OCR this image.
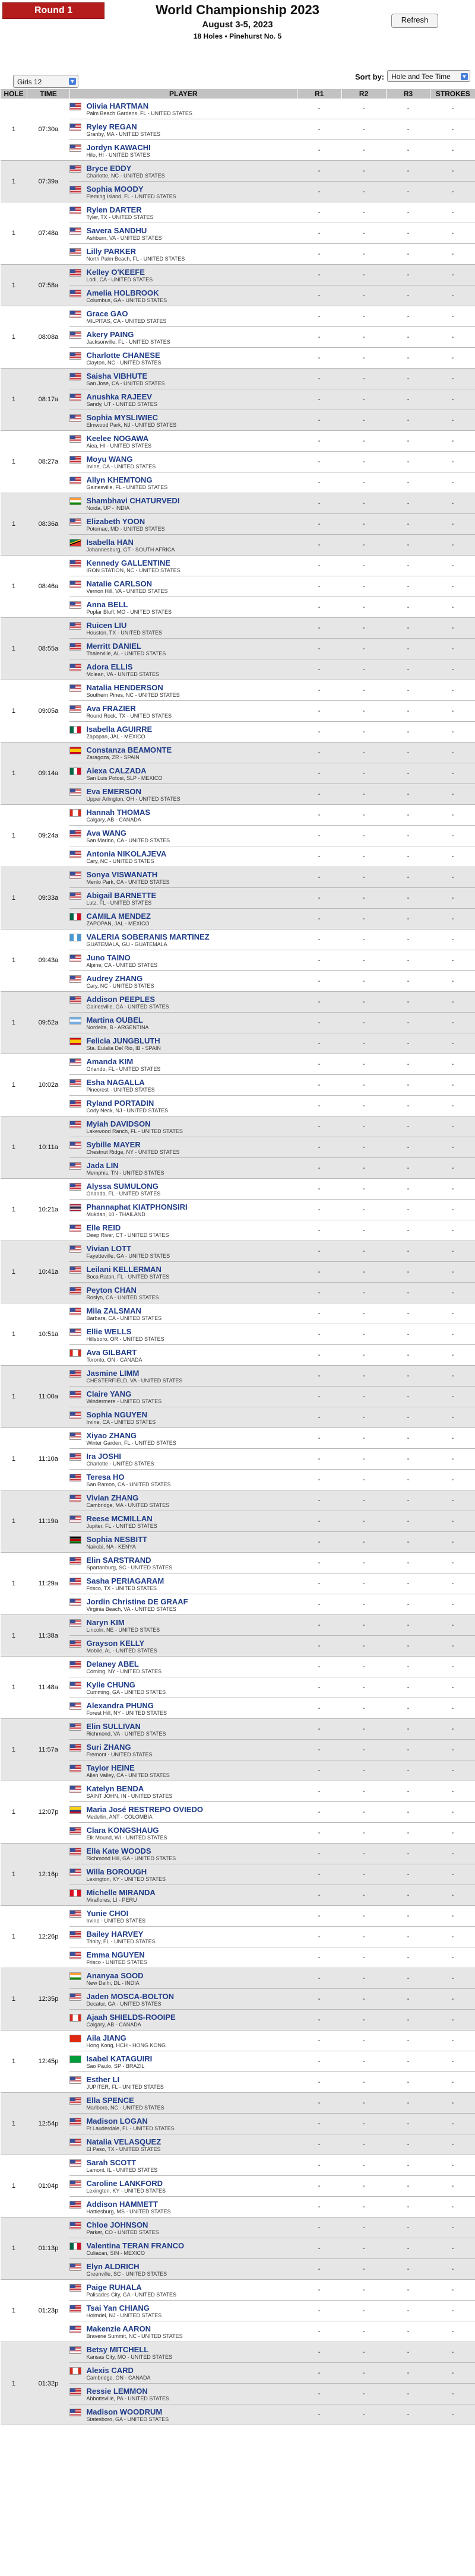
Round 1	World Championship 2023
August 3-5, 2023
18 Holes • Pinehurst No. 5
Refresh
Sort by: Hole and Tee Time ▼
Girls 12	▼
HOLE	TIME	PLAYER	R1	R2	R3	STROKES
1	07:30a	Olivia HARTMAN
Palm Beach Gardens, FL - UNITED STATES	-	-	-	-

		Ryley REGAN
Granby, MA - UNITED STATES	-	-	-	-

		Jordyn KAWACHI
Hilo, HI - UNITED STATES	-	-	-	-
1	07:39a	Bryce EDDY
Charlotte, NC - UNITED STATES	-	-	-	-

		Sophia MOODY
Fleming Island, FL - UNITED STATES	-	-	-	-
1	07:48a	Rylen DARTER
Tyler, TX - UNITED STATES	-	-	-	-

		Savera SANDHU
Ashburn, VA - UNITED STATES	-	-	-	-

		Lilly PARKER
North Palm Beach, FL - UNITED STATES	-	-	-	-
1	07:58a	Kelley O'KEEFE
Lodi, CA - UNITED STATES	-	-	-	-

		Amelia HOLBROOK
Columbus, GA - UNITED STATES	-	-	-	-
1	08:08a	Grace GAO
MILPITAS, CA - UNITED STATES	-	-	-	-

		Akery PAING
Jacksonville, FL - UNITED STATES	-	-	-	-

		Charlotte CHANESE
Clayton, NC - UNITED STATES	-	-	-	-
1	08:17a	Saisha VIBHUTE
San Jose, CA - UNITED STATES	-	-	-	-

		Anushka RAJEEV
Sandy, UT - UNITED STATES	-	-	-	-

		Sophia MYSLIWIEC
Elmwood Park, NJ - UNITED STATES	-	-	-	-
1	08:27a	Keelee NOGAWA
Aiea, HI - UNITED STATES	-	-	-	-

		Moyu WANG
Irvine, CA - UNITED STATES	-	-	-	-

		Allyn KHEMTONG
Gainesville, FL - UNITED STATES	-	-	-	-
1	08:36a	Shambhavi CHATURVEDI
Noida, UP - INDIA	-	-	-	-

		Elizabeth YOON
Potomac, MD - UNITED STATES	-	-	-	-

		Isabella HAN
Johannesburg, GT - SOUTH AFRICA	-	-	-	-
1	08:46a	Kennedy GALLENTINE
IRON STATION, NC - UNITED STATES	-	-	-	-

		Natalie CARLSON
Vernon Hill, VA - UNITED STATES	-	-	-	-

		Anna BELL
Poplar Bluff, MO - UNITED STATES	-	-	-	-
1	08:55a	Ruicen LIU
Houston, TX - UNITED STATES	-	-	-	-

		Merritt DANIEL
Thalerville, AL - UNITED STATES	-	-	-	-

		Adora ELLIS
Mclean, VA - UNITED STATES	-	-	-	-
1	09:05a	Natalia HENDERSON
Southern Pines, NC - UNITED STATES	-	-	-	-

		Ava FRAZIER
Round Rock, TX - UNITED STATES	-	-	-	-

		Isabella AGUIRRE
Zapopan, JAL - MEXICO	-	-	-	-
1	09:14a	Constanza BEAMONTE
Zaragoza, ZR - SPAIN	-	-	-	-

		Alexa CALZADA
San Luis Potosi, SLP - MEXICO	-	-	-	-

		Eva EMERSON
Upper Arlington, OH - UNITED STATES	-	-	-	-
1	09:24a	Hannah THOMAS
Calgary, AB - CANADA	-	-	-	-

		Ava WANG
San Marino, CA - UNITED STATES	-	-	-	-

		Antonia NIKOLAJEVA
Cary, NC - UNITED STATES	-	-	-	-
1	09:33a	Sonya VISWANATH
Menlo Park, CA - UNITED STATES	-	-	-	-

		Abigail BARNETTE
Lutz, FL - UNITED STATES	-	-	-	-

		CAMILA MENDEZ
ZAPOPAN, JAL - MEXICO	-	-	-	-
1	09:43a	VALERIA SOBERANIS MARTINEZ
GUATEMALA, GU - GUATEMALA	-	-	-	-

		Juno TAINO
Alpine, CA - UNITED STATES	-	-	-	-

		Audrey ZHANG
Cary, NC - UNITED STATES	-	-	-	-
1	09:52a	Addison PEEPLES
Gainesville, GA - UNITED STATES	-	-	-	-

		Martina OUBEL
Nordelta, B - ARGENTINA	-	-	-	-

		Felicia JUNGBLUTH
Sta. Eulalia Del Rio, IB - SPAIN	-	-	-	-
1	10:02a	Amanda KIM
Orlando, FL - UNITED STATES	-	-	-	-

		Esha NAGALLA
Pinecrest - UNITED STATES	-	-	-	-

		Ryland PORTADIN
Cody Neck, NJ - UNITED STATES	-	-	-	-
1	10:11a	Myiah DAVIDSON
Lakewood Ranch, FL - UNITED STATES	-	-	-	-

		Sybille MAYER
Chestnut Ridge, NY - UNITED STATES	-	-	-	-

		Jada LIN
Memphis, TN - UNITED STATES	-	-	-	-
1	10:21a	Alyssa SUMULONG
Orlando, FL - UNITED STATES	-	-	-	-

		Phannaphat KIATPHONSIRI
Mukdan, 10 - THAILAND	-	-	-	-

		Elle REID
Deep River, CT - UNITED STATES	-	-	-	-
1	10:41a	Vivian LOTT
Fayetteville, GA - UNITED STATES	-	-	-	-

		Leilani KELLERMAN
Boca Raton, FL - UNITED STATES	-	-	-	-

		Peyton CHAN
Roslyn, CA - UNITED STATES	-	-	-	-
1	10:51a	Mila ZALSMAN
Barbara, CA - UNITED STATES	-	-	-	-

		Ellie WELLS
Hillsboro, OR - UNITED STATES	-	-	-	-

		Ava GILBART
Toronto, ON - CANADA	-	-	-	-
1	11:00a	Jasmine LIMM
CHESTERFIELD, VA - UNITED STATES	-	-	-	-

		Claire YANG
Windermere - UNITED STATES	-	-	-	-

		Sophia NGUYEN
Irvine, CA - UNITED STATES	-	-	-	-
1	11:10a	Xiyao ZHANG
Winter Garden, FL - UNITED STATES	-	-	-	-

		Ira JOSHI
Charlotte - UNITED STATES	-	-	-	-

		Teresa HO
San Ramon, CA - UNITED STATES	-	-	-	-
1	11:19a	Vivian ZHANG
Cambridge, MA - UNITED STATES	-	-	-	-

		Reese MCMILLAN
Jupiter, FL - UNITED STATES	-	-	-	-

		Sophia NESBITT
Nairobi, NA - KENYA	-	-	-	-
1	11:29a	Elin SARSTRAND
Spartanburg, SC - UNITED STATES	-	-	-	-

		Sasha PERIAGARAM
Frisco, TX - UNITED STATES	-	-	-	-

		Jordin Christine DE GRAAF
Virginia Beach, VA - UNITED STATES	-	-	-	-
1	11:38a	Naryn KIM
Lincoln, NE - UNITED STATES	-	-	-	-

		Grayson KELLY
Mobile, AL - UNITED STATES	-	-	-	-
1	11:48a	Delaney ABEL
Corning, NY - UNITED STATES	-	-	-	-

		Kylie CHUNG
Cumming, GA - UNITED STATES	-	-	-	-

		Alexandra PHUNG
Forest Hill, NY - UNITED STATES	-	-	-	-
1	11:57a	Elin SULLIVAN
Richmond, VA - UNITED STATES	-	-	-	-

		Suri ZHANG
Fremont - UNITED STATES	-	-	-	-

		Taylor HEINE
Allen Valley, CA - UNITED STATES	-	-	-	-
1	12:07p	Katelyn BENDA
SAINT JOHN, IN - UNITED STATES	-	-	-	-

		Maria José RESTREPO OVIEDO
Medellin, ANT - COLOMBIA	-	-	-	-

		Clara KONGSHAUG
Elk Mound, WI - UNITED STATES	-	-	-	-
1	12:16p	Ella Kate WOODS
Richmond Hill, GA - UNITED STATES	-	-	-	-

		Willa BOROUGH
Lexington, KY - UNITED STATES	-	-	-	-

		Michelle MIRANDA
Miraflores, LI - PERU	-	-	-	-
1	12:26p	Yunie CHOI
Irvine - UNITED STATES	-	-	-	-

		Bailey HARVEY
Trinity, FL - UNITED STATES	-	-	-	-

		Emma NGUYEN
Frisco - UNITED STATES	-	-	-	-
1	12:35p	Ananyaa SOOD
New Delhi, DL - INDIA	-	-	-	-

		Jaden MOSCA-BOLTON
Decatur, GA - UNITED STATES	-	-	-	-

		Ajaah SHIELDS-ROOIPE
Calgary, AB - CANADA	-	-	-	-
1	12:45p	Aila JIANG
Hong Kong, HCH - HONG KONG	-	-	-	-

		Isabel KATAGUIRI
Sao Paulo, SP - BRAZIL	-	-	-	-

		Esther LI
JUPITER, FL - UNITED STATES	-	-	-	-
1	12:54p	Ella SPENCE
Marlboro, NC - UNITED STATES	-	-	-	-

		Madison LOGAN
Ft Lauderdale, FL - UNITED STATES	-	-	-	-

		Natalia VELASQUEZ
El Paso, TX - UNITED STATES	-	-	-	-
1	01:04p	Sarah SCOTT
Lamont, IL - UNITED STATES	-	-	-	-

		Caroline LANKFORD
Lexington, KY - UNITED STATES	-	-	-	-

		Addison HAMMETT
Hattiesburg, MS - UNITED STATES	-	-	-	-
1	01:13p	Chloe JOHNSON
Parker, CO - UNITED STATES	-	-	-	-

		Valentina TERAN FRANCO
Culiacan, SIN - MEXICO	-	-	-	-

		Elyn ALDRICH
Greenville, SC - UNITED STATES	-	-	-	-
1	01:23p	Paige RUHALA
Palisades City, GA - UNITED STATES	-	-	-	-

		Tsai Yan CHIANG
Holmdel, NJ - UNITED STATES	-	-	-	-

		Makenzie AARON
Braverie Summit, NC - UNITED STATES	-	-	-	-
1	01:32p	Betsy MITCHELL
Kansas City, MO - UNITED STATES	-	-	-	-

		Alexis CARD
Cambridge, ON - CANADA	-	-	-	-

		Ressie LEMMON
Abbottsville, PA - UNITED STATES	-	-	-	-

		Madison WOODRUM
Statesboro, GA - UNITED STATES	-	-	-	-
